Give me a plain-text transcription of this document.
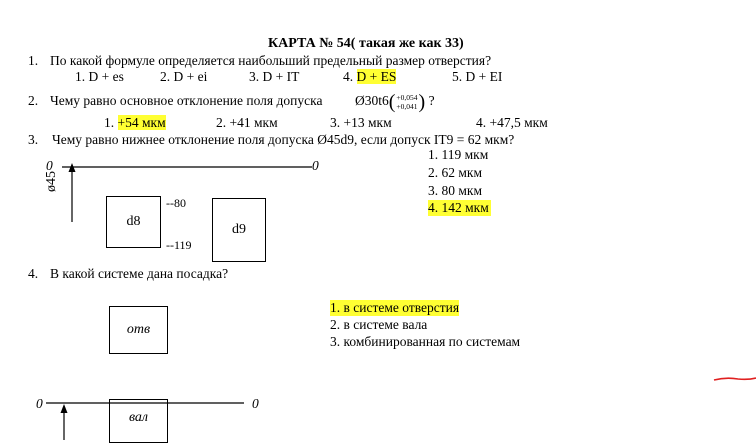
КАРТА № 54( такая же как 33)
1. По какой формуле определяется наибольший предельный размер отверстия?
1. D + es	2. D + ei	3. D + IT	4. D + ES	5. D + EI
2. Чему равно основное отклонение поля допуска Ø30t6( +0,054
+0,041 ) ?
1. +54 мкм	2. +41 мкм	3. +13 мкм	4. +47,5 мкм
3. Чему равно нижнее отклонение поля допуска Ø45d9, если допуск IT9 = 62 мкм?
0	0
ø45
d8
d9
--80
--119
1. 119 мкм
2. 62 мкм
3. 80 мкм
4. 142 мкм
4. В какой системе дана посадка?
отв
вал
0	0
1. в системе отверстия
2. в системе вала
3. комбинированная по системам
